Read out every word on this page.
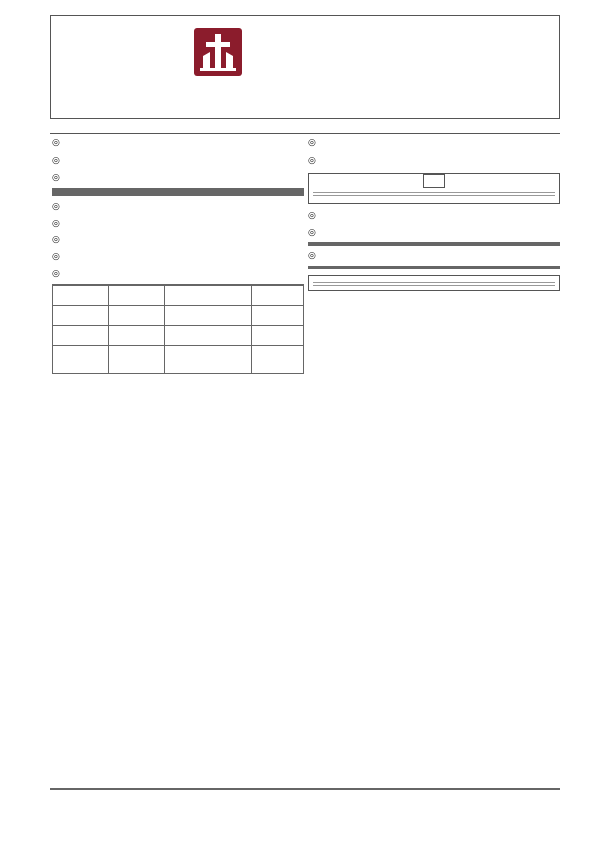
◎

◎

◎

◎
◎
◎
◎
◎

◎
◎

◎

◎

◎
